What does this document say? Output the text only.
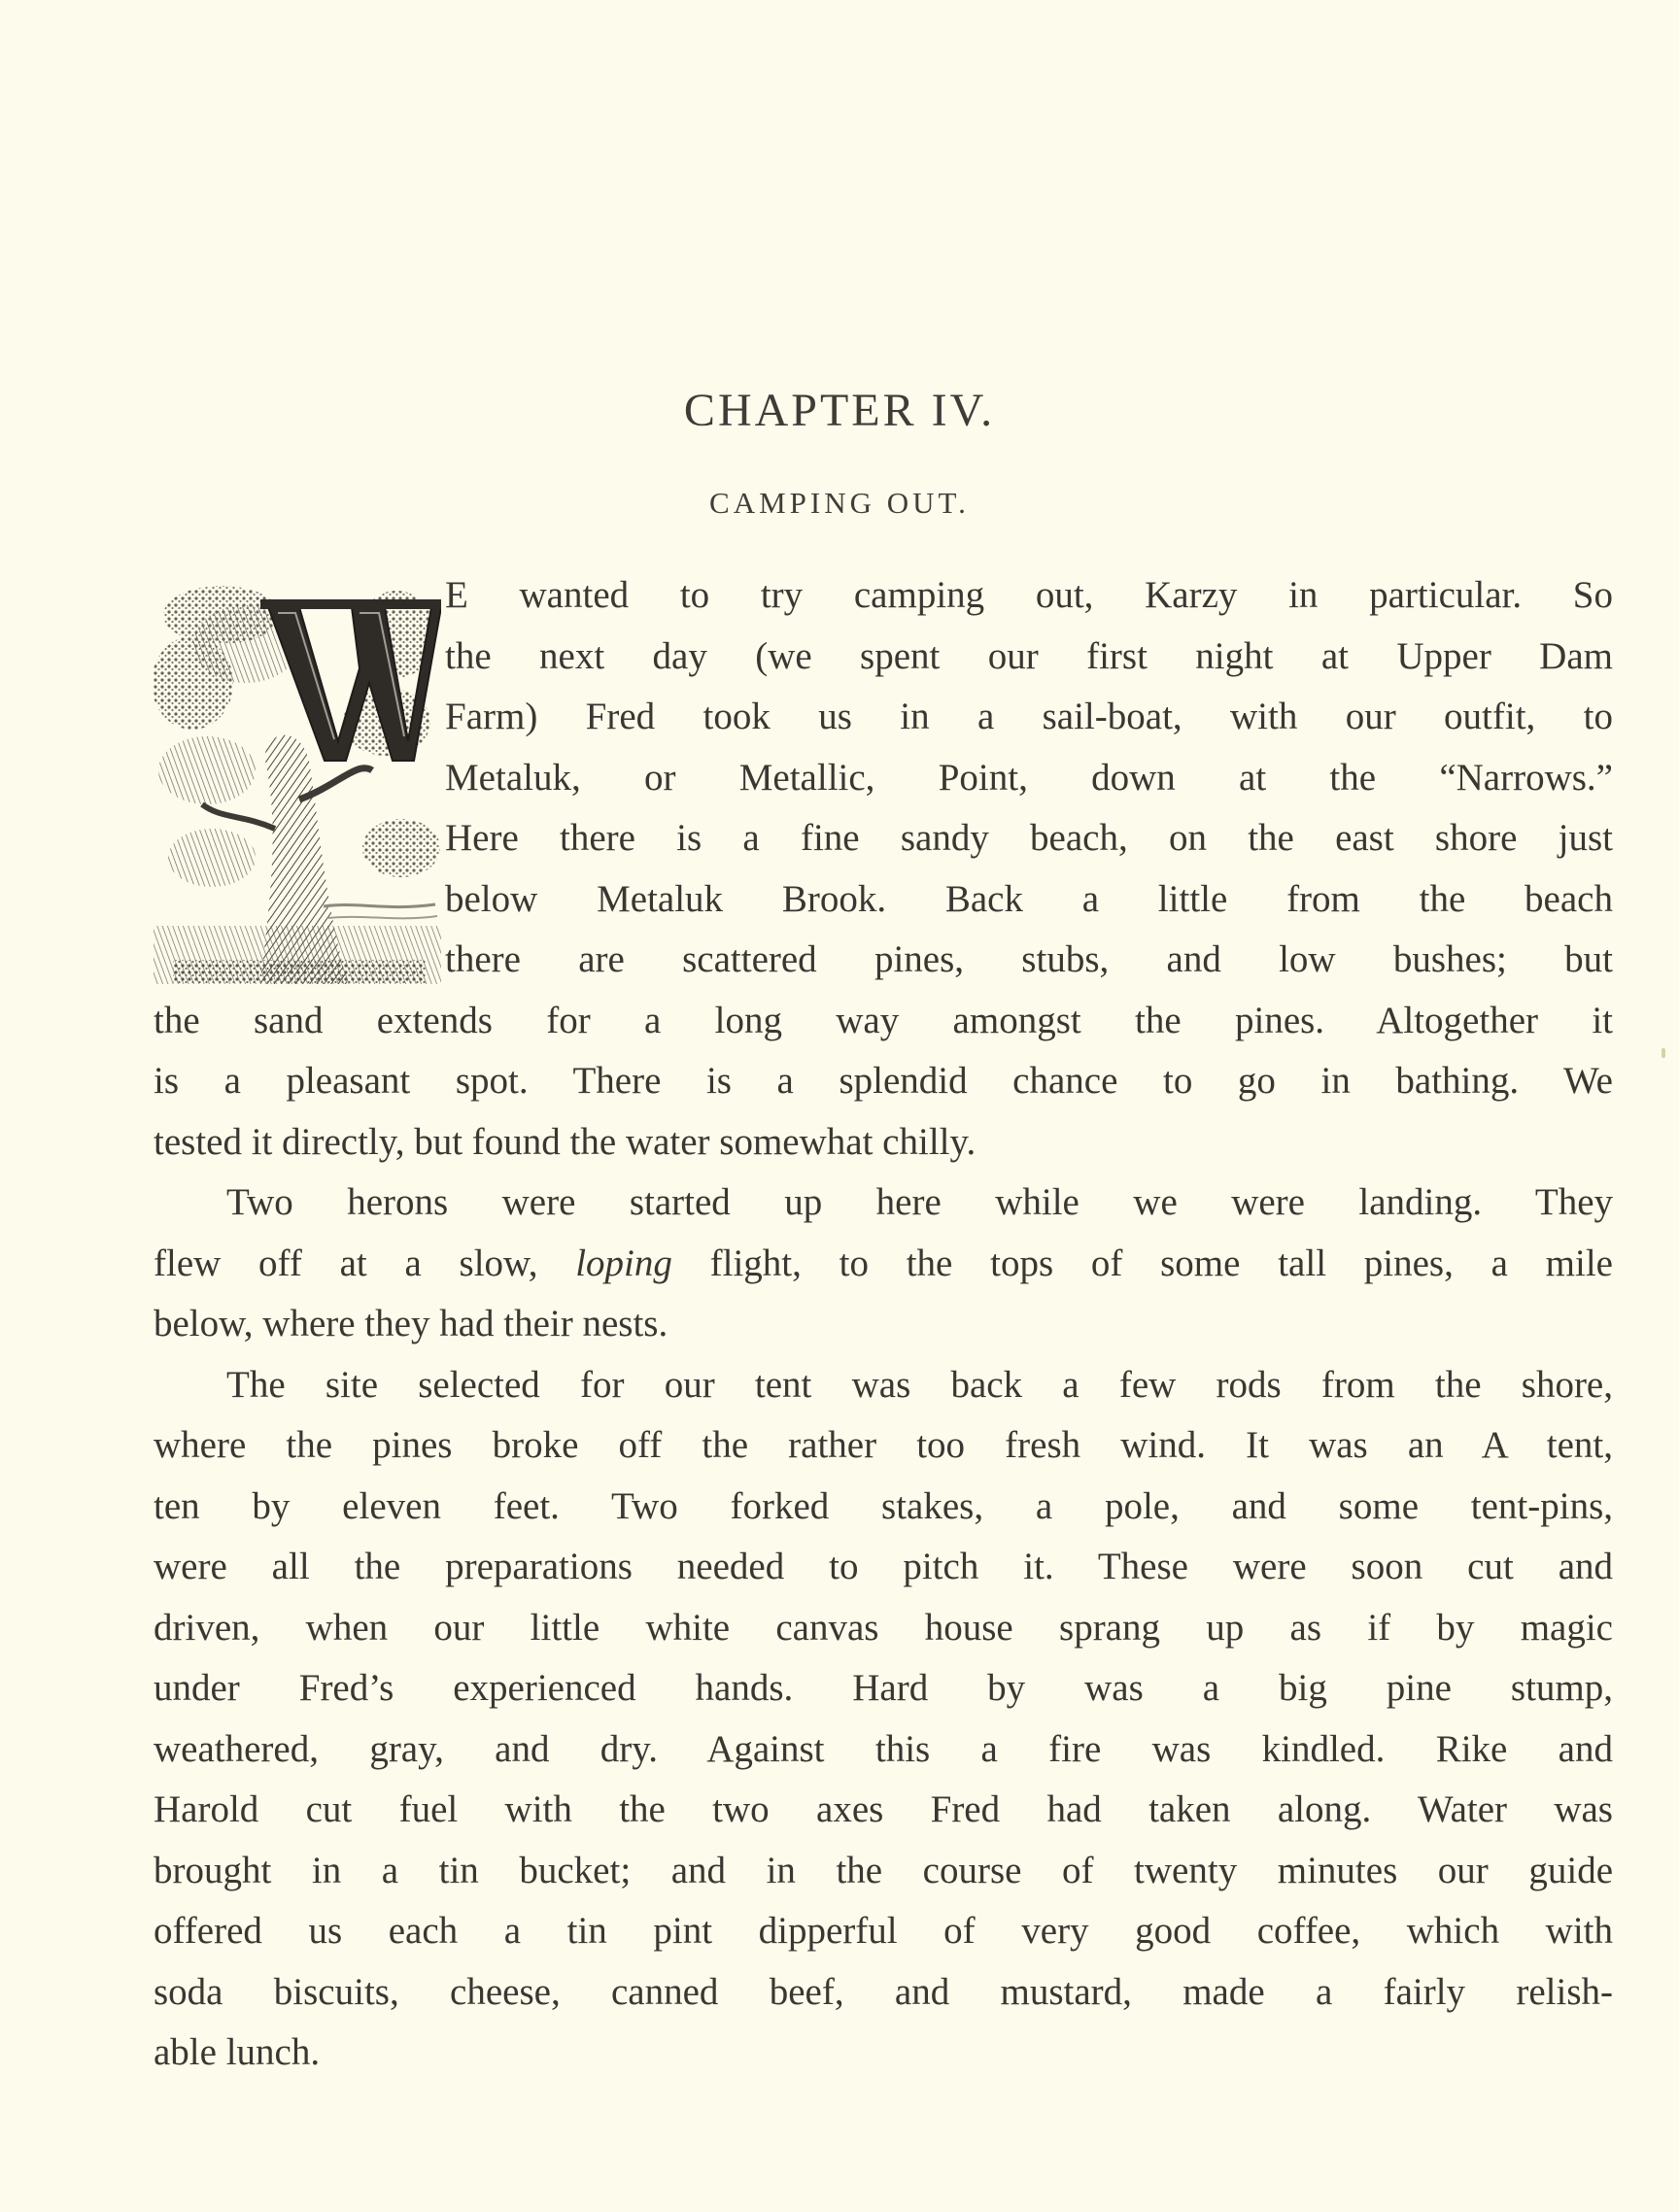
CHAPTER IV.
CAMPING OUT.
E wanted to try camping out, Karzy in particular. So
the next day (we spent our first night at Upper Dam
Farm) Fred took us in a sail-boat, with our outfit, to
Metaluk, or Metallic, Point, down at the “Narrows.”
Here there is a fine sandy beach, on the east shore just
below Metaluk Brook. Back a little from the beach
there are scattered pines, stubs, and low bushes; but
the sand extends for a long way amongst the pines. Altogether it
is a pleasant spot. There is a splendid chance to go in bathing. We
tested it directly, but found the water somewhat chilly.
Two herons were started up here while we were landing. They
flew off at a slow, loping flight, to the tops of some tall pines, a mile
below, where they had their nests.
The site selected for our tent was back a few rods from the shore,
where the pines broke off the rather too fresh wind. It was an A tent,
ten by eleven feet. Two forked stakes, a pole, and some tent-pins,
were all the preparations needed to pitch it. These were soon cut and
driven, when our little white canvas house sprang up as if by magic
under Fred’s experienced hands. Hard by was a big pine stump,
weathered, gray, and dry. Against this a fire was kindled. Rike and
Harold cut fuel with the two axes Fred had taken along. Water was
brought in a tin bucket; and in the course of twenty minutes our guide
offered us each a tin pint dipperful of very good coffee, which with
soda biscuits, cheese, canned beef, and mustard, made a fairly relish-
able lunch.
